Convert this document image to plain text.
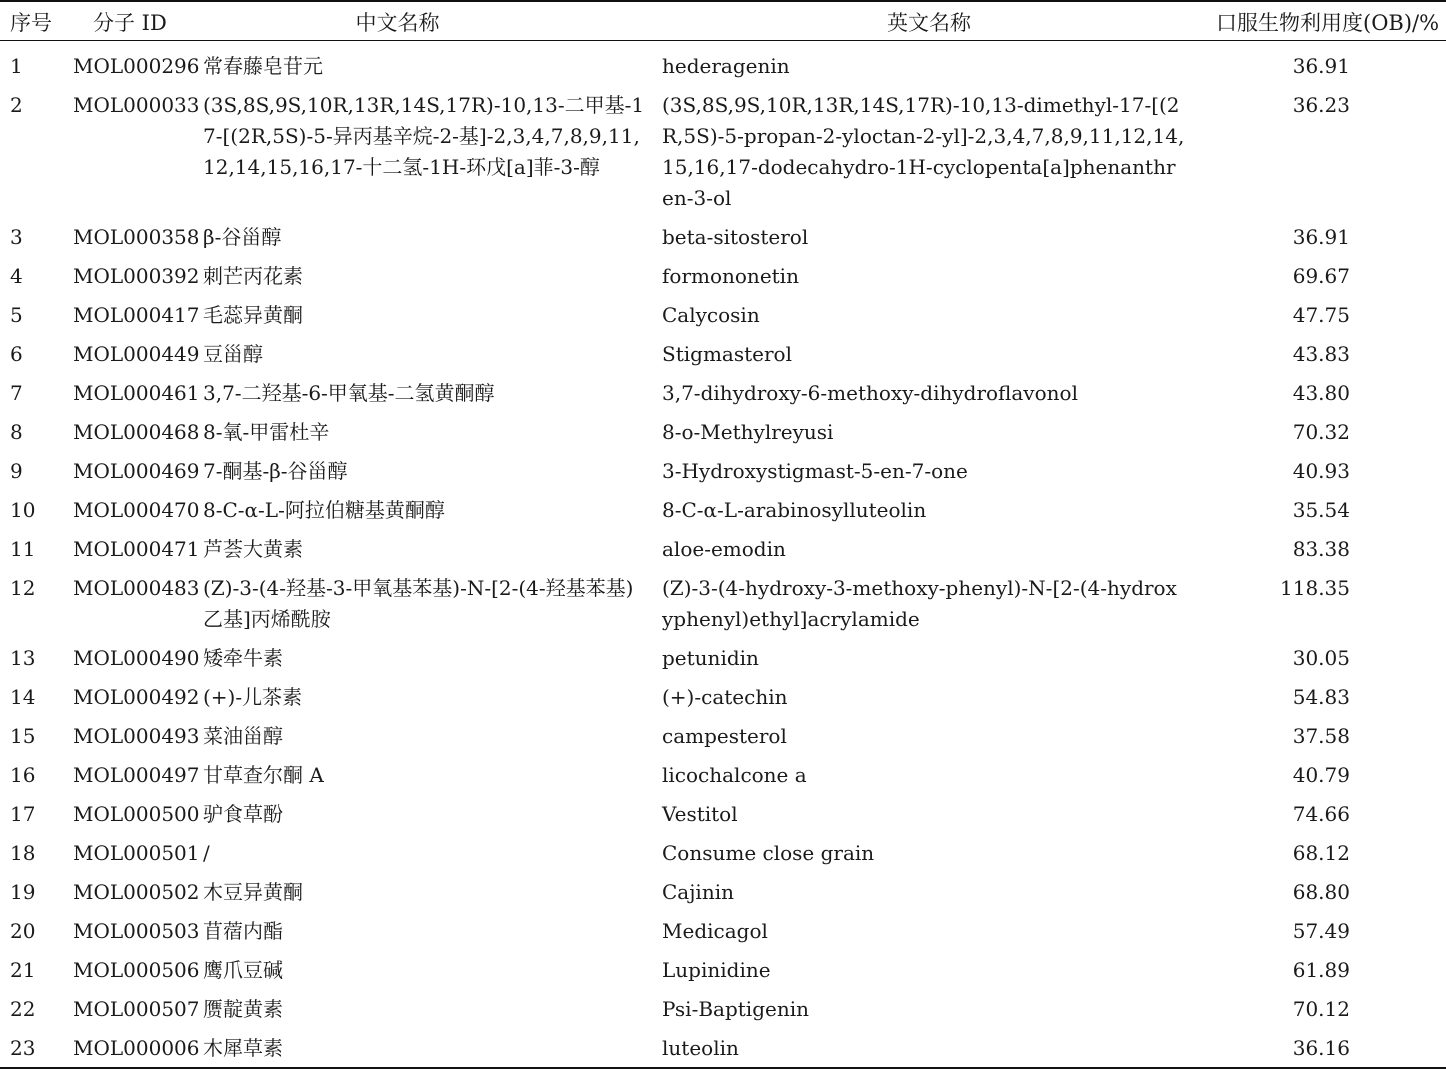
序号	分子 ID	中文名称	英文名称	口服生物利用度(OB)/%
1	MOL000296	常春藤皂苷元	hederagenin	36.91
2	MOL000033	(3S,8S,9S,10R,13R,14S,17R)-10,13-二甲基-17-[(2R,5S)-5-异丙基辛烷-2-基]-2,3,4,7,8,9,11,12,14,15,16,17-十二氢-1H-环戊[a]菲-3-醇	(3S,8S,9S,10R,13R,14S,17R)-10,13-dimethyl-17-[(2R,5S)-5-propan-2-yloctan-2-yl]-2,3,4,7,8,9,11,12,14,15,16,17-dodecahydro-1H-cyclopenta[a]phenanthren-3-ol	36.23
3	MOL000358	β-谷甾醇	beta-sitosterol	36.91
4	MOL000392	刺芒丙花素	formononetin	69.67
5	MOL000417	毛蕊异黄酮	Calycosin	47.75
6	MOL000449	豆甾醇	Stigmasterol	43.83
7	MOL000461	3,7-二羟基-6-甲氧基-二氢黄酮醇	3,7-dihydroxy-6-methoxy-dihydroflavonol	43.80
8	MOL000468	8-氧-甲雷杜辛	8-o-Methylreyusi	70.32
9	MOL000469	7-酮基-β-谷甾醇	3-Hydroxystigmast-5-en-7-one	40.93
10	MOL000470	8-C-α-L-阿拉伯糖基黄酮醇	8-C-α-L-arabinosylluteolin	35.54
11	MOL000471	芦荟大黄素	aloe-emodin	83.38
12	MOL000483	(Z)-3-(4-羟基-3-甲氧基苯基)-N-[2-(4-羟基苯基)乙基]丙烯酰胺	(Z)-3-(4-hydroxy-3-methoxy-phenyl)-N-[2-(4-hydroxyphenyl)ethyl]acrylamide	118.35
13	MOL000490	矮牵牛素	petunidin	30.05
14	MOL000492	(+)-儿茶素	(+)-catechin	54.83
15	MOL000493	菜油甾醇	campesterol	37.58
16	MOL000497	甘草查尔酮 A	licochalcone a	40.79
17	MOL000500	驴食草酚	Vestitol	74.66
18	MOL000501	/	Consume close grain	68.12
19	MOL000502	木豆异黄酮	Cajinin	68.80
20	MOL000503	苜蓿内酯	Medicagol	57.49
21	MOL000506	鹰爪豆碱	Lupinidine	61.89
22	MOL000507	赝靛黄素	Psi-Baptigenin	70.12
23	MOL000006	木犀草素	luteolin	36.16
